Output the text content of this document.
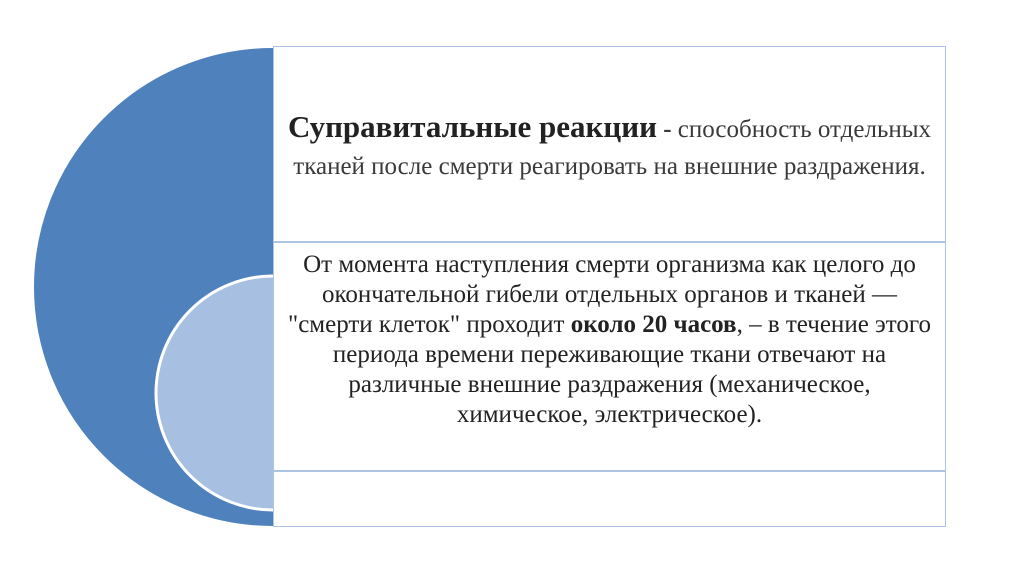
Суправитальные реакции - способность отдельных тканей после смерти реагировать на внешние раздражения.
От момента наступления смерти организма как целого до окончательной гибели отдельных органов и тканей — "смерти клеток" проходит около 20 часов, – в течение этого периода времени переживающие ткани отвечают на различные внешние раздражения (механическое, химическое, электрическое).
